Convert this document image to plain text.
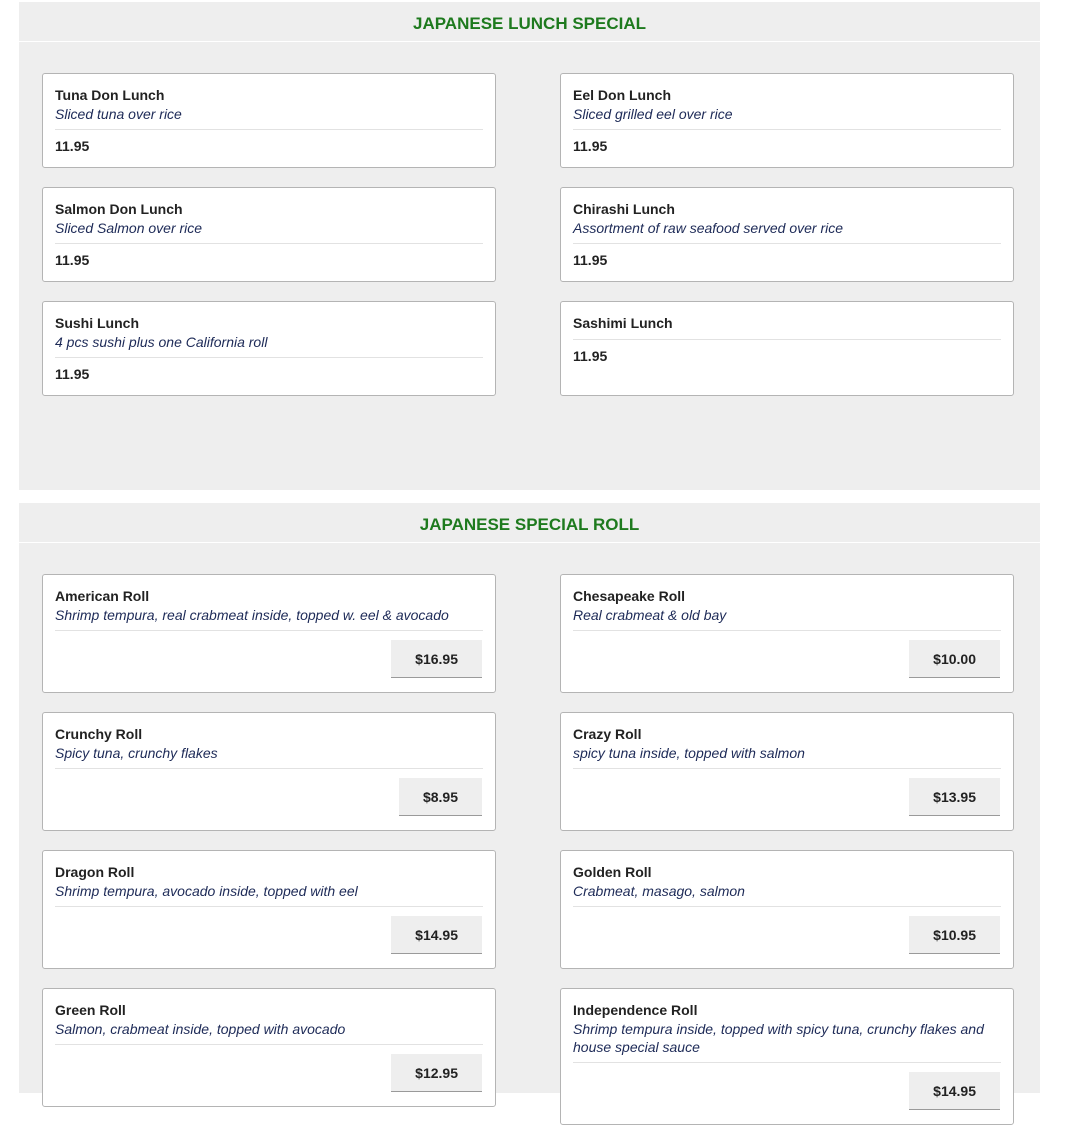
JAPANESE LUNCH SPECIAL
Tuna Don Lunch
Sliced tuna over rice
11.95
Eel Don Lunch
Sliced grilled eel over rice
11.95
Salmon Don Lunch
Sliced Salmon over rice
11.95
Chirashi Lunch
Assortment of raw seafood served over rice
11.95
Sushi Lunch
4 pcs sushi plus one California roll
11.95
Sashimi Lunch
11.95
JAPANESE SPECIAL ROLL
American Roll
Shrimp tempura, real crabmeat inside, topped w. eel & avocado
$16.95
Chesapeake Roll
Real crabmeat & old bay
$10.00
Crunchy Roll
Spicy tuna, crunchy flakes
$8.95
Crazy Roll
spicy tuna inside, topped with salmon
$13.95
Dragon Roll
Shrimp tempura, avocado inside, topped with eel
$14.95
Golden Roll
Crabmeat, masago, salmon
$10.95
Green Roll
Salmon, crabmeat inside, topped with avocado
$12.95
Independence Roll
Shrimp tempura inside, topped with spicy tuna, crunchy flakes and house special sauce
$14.95
